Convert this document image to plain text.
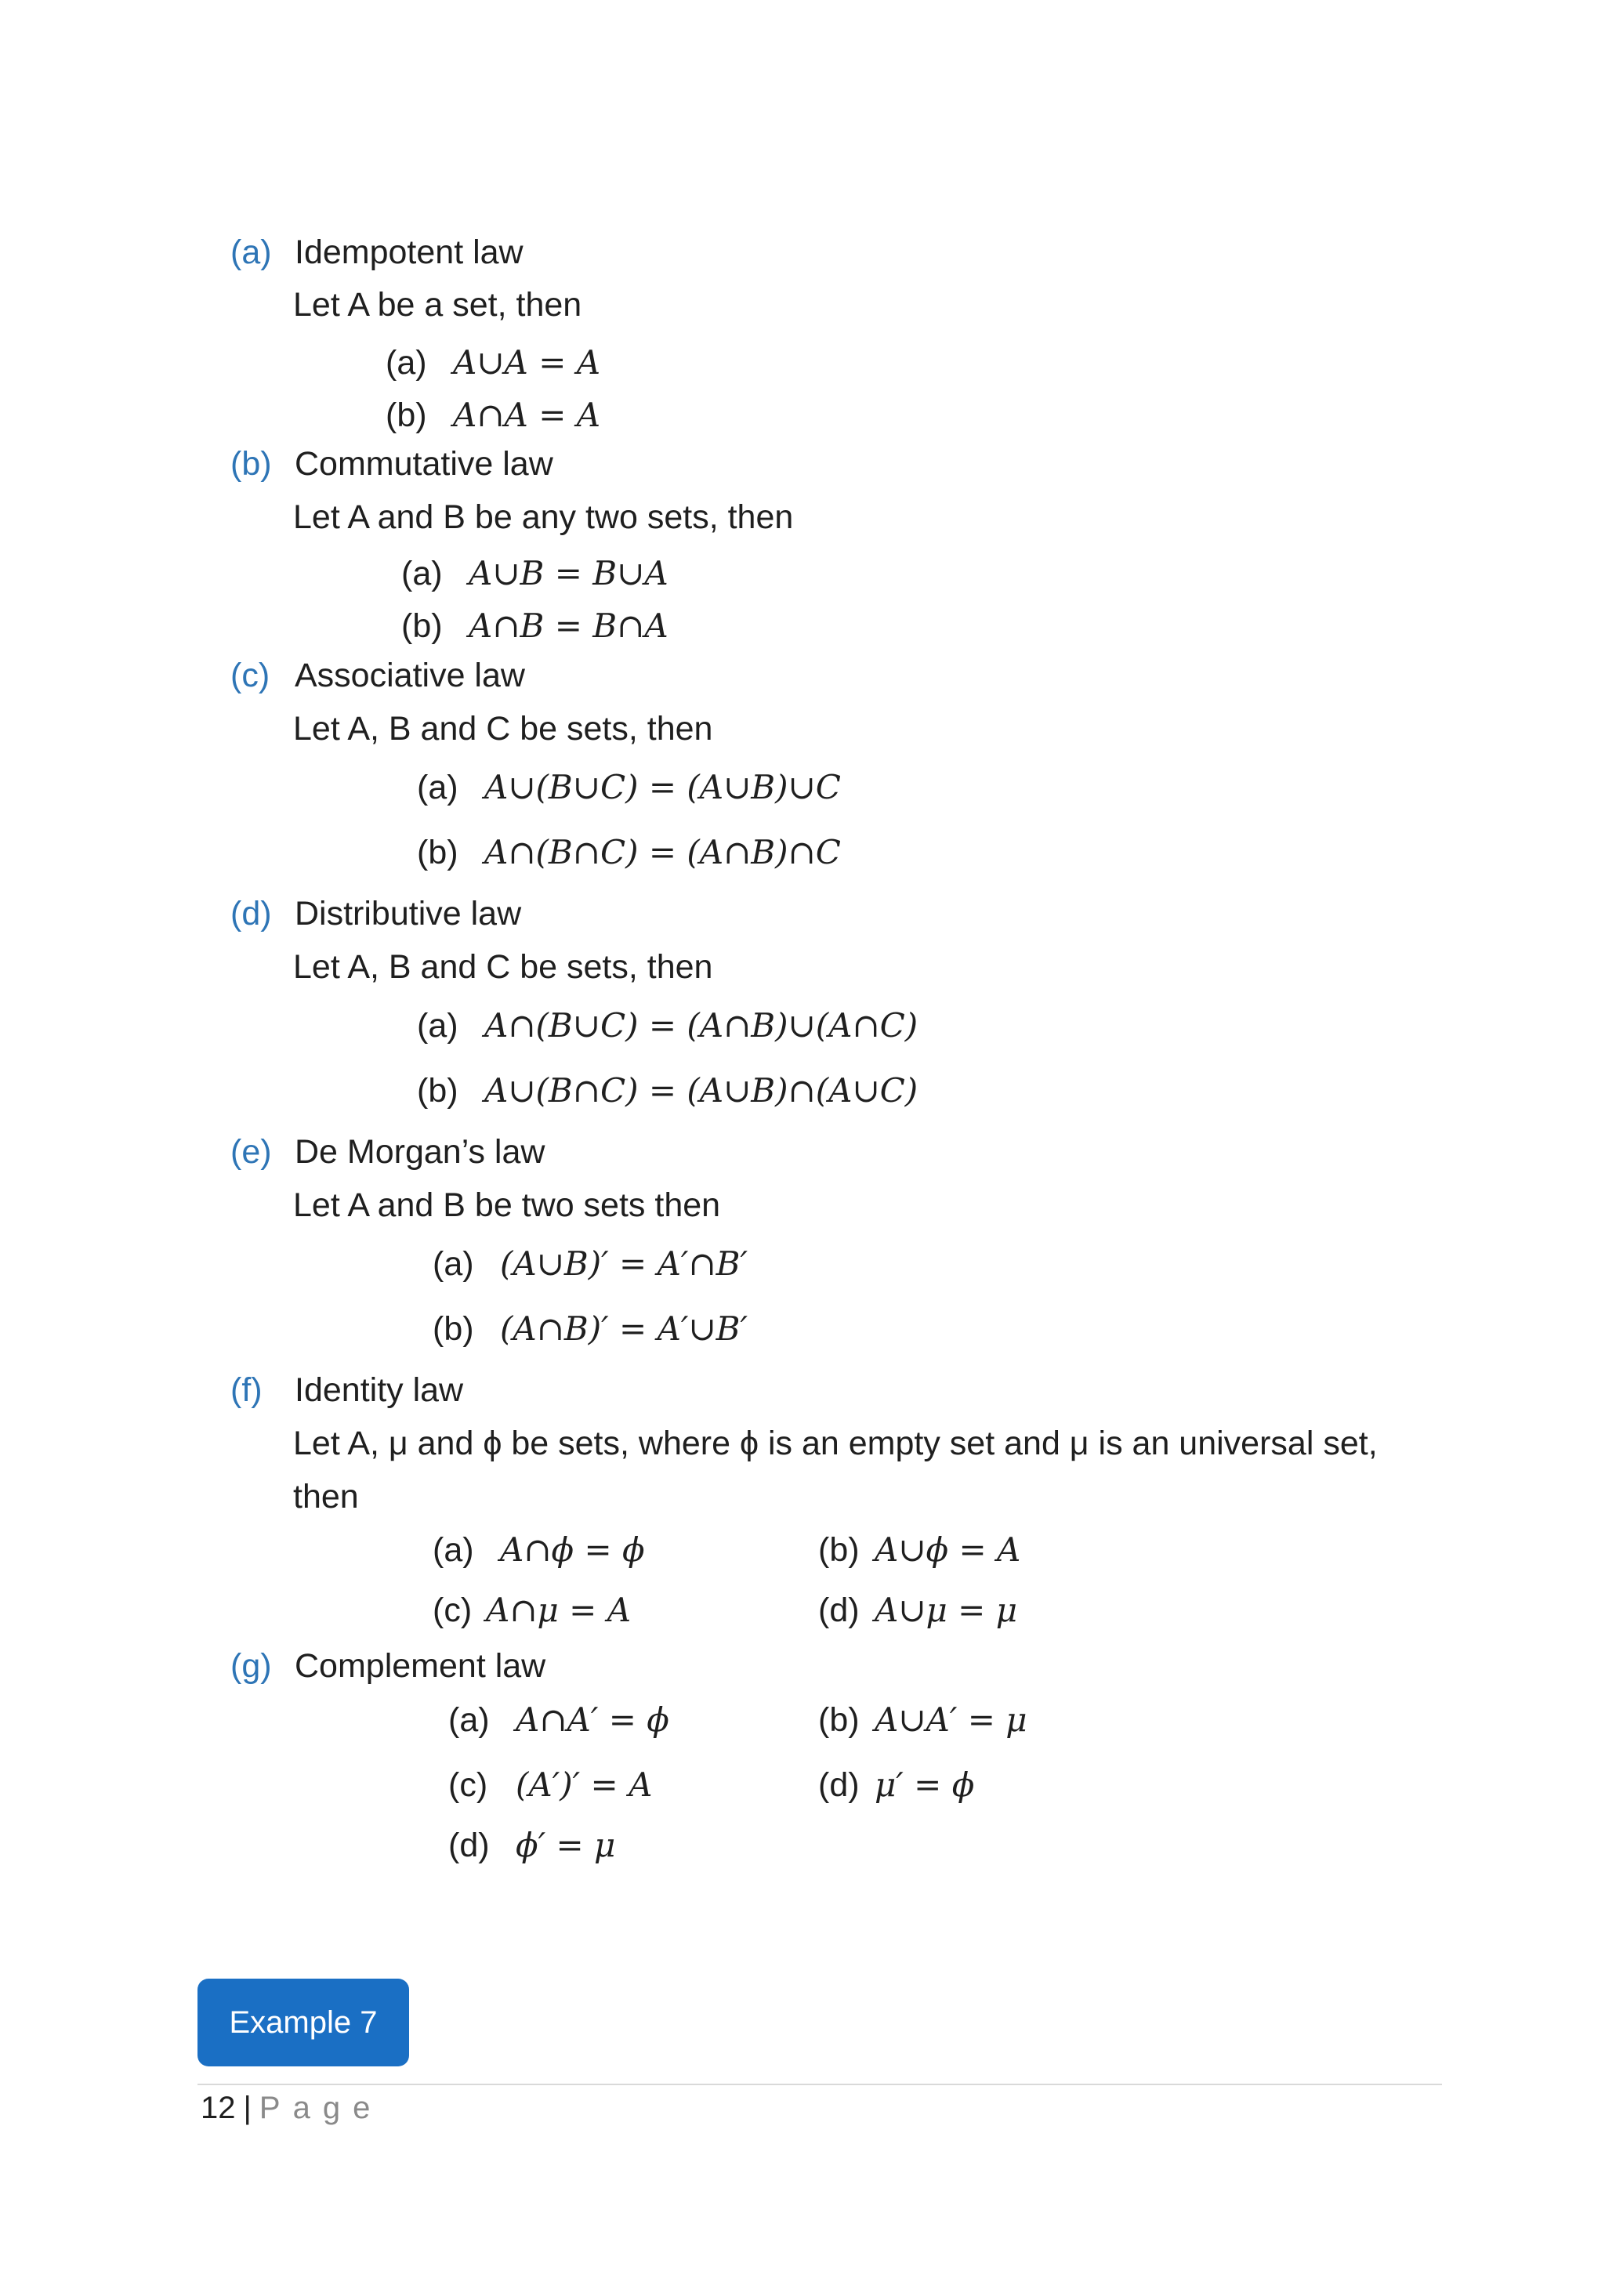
(a) Idempotent law
Let A be a set, then
(a) A∪A = A
(b) A∩A = A
(b) Commutative law
Let A and B be any two sets, then
(a) A∪B = B∪A
(b) A∩B = B∩A
(c) Associative law
Let A, B and C be sets, then
(a) A∪(B∪C) = (A∪B)∪C
(b) A∩(B∩C) = (A∩B)∩C
(d) Distributive law
Let A, B and C be sets, then
(a) A∩(B∪C) = (A∩B)∪(A∩C)
(b) A∪(B∩C) = (A∪B)∩(A∪C)
(e) De Morgan’s law
Let A and B be two sets then
(a) (A∪B)′ = A′∩B′
(b) (A∩B)′ = A′∪B′
(f) Identity law
Let A, μ and ϕ be sets, where ϕ is an empty set and μ is an universal set,
then
(a) A∩ϕ = ϕ	(b) A∪ϕ = A
(c) A∩μ = A	(d) A∪μ = μ
(g) Complement law
(a) A∩A′ = ϕ	(b) A∪A′ = μ
(c) (A′)′ = A	(d) μ′ = ϕ
(d) ϕ′ = μ
Example 7
12 | Page
